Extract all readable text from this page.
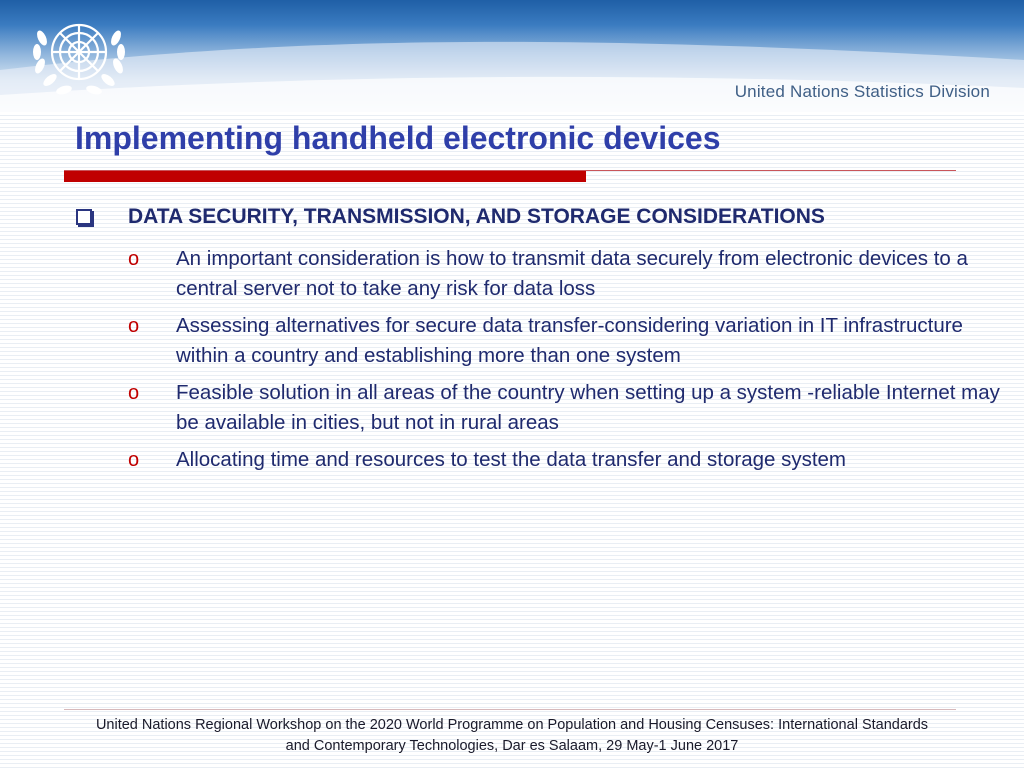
United Nations Statistics Division
Implementing handheld electronic devices
DATA SECURITY, TRANSMISSION, AND STORAGE CONSIDERATIONS
o An important consideration is how to transmit data securely from electronic devices to a central server not to take any risk for data loss
o Assessing alternatives for secure data transfer-considering variation in IT infrastructure within a country and establishing more than one system
o Feasible solution in all areas of the country when setting up a system -reliable Internet may be available in cities, but not in rural areas
o Allocating time and resources to test the data transfer and storage system
United Nations Regional Workshop on the 2020 World Programme on Population and Housing Censuses: International Standards
and Contemporary Technologies, Dar es Salaam, 29 May-1 June 2017
